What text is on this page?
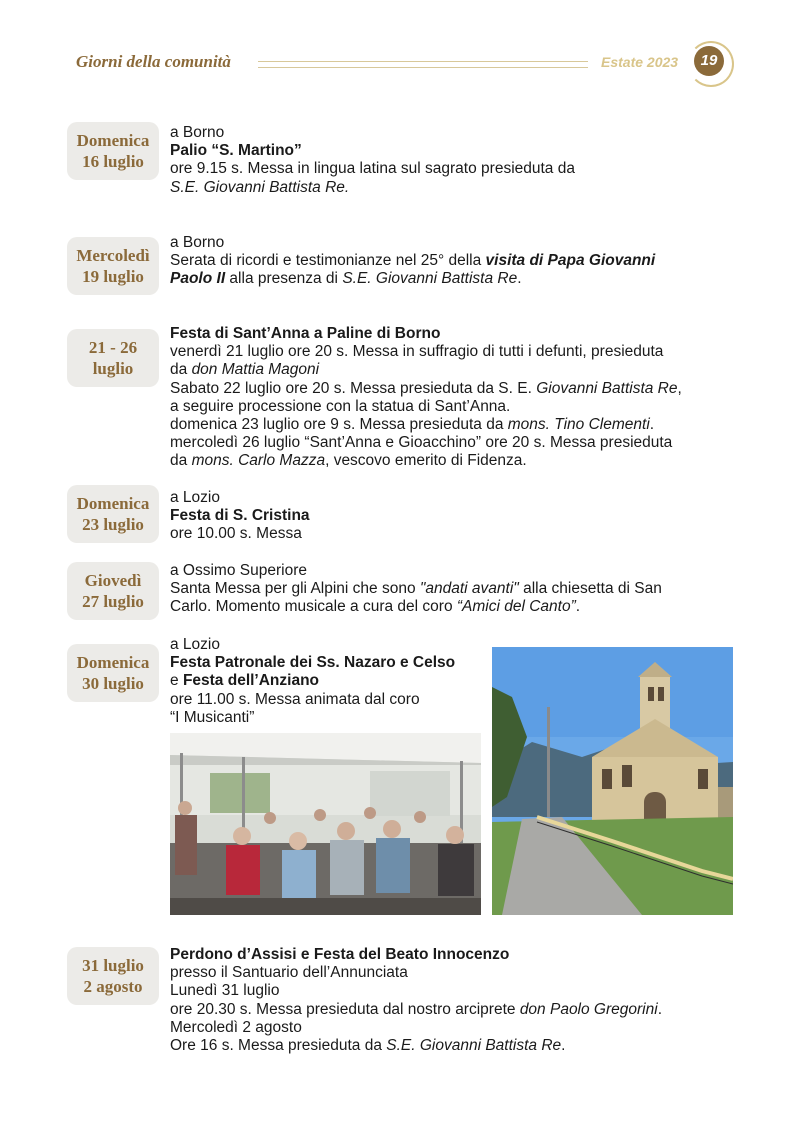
Giorni della comunità	Estate 2023	19
Domenica
16 luglio
a Borno
Palio “S. Martino”
ore 9.15 s. Messa in lingua latina sul sagrato presieduta da
S.E. Giovanni Battista Re.
Mercoledì
19 luglio
a Borno
Serata di ricordi e testimonianze nel 25° della visita di Papa Giovanni
Paolo II alla presenza di S.E. Giovanni Battista Re.
21 - 26
luglio
Festa di Sant’Anna a Paline di Borno
venerdì 21 luglio ore 20 s. Messa in suffragio di tutti i defunti, presieduta
da don Mattia Magoni
Sabato 22 luglio ore 20 s. Messa presieduta da S. E. Giovanni Battista Re,
a seguire processione con la statua di Sant’Anna.
domenica 23 luglio ore 9 s. Messa presieduta da mons. Tino Clementi.
mercoledì 26 luglio “Sant’Anna e Gioacchino” ore 20 s. Messa presieduta
da mons. Carlo Mazza, vescovo emerito di Fidenza.
Domenica
23 luglio
a Lozio
Festa di S. Cristina
ore 10.00 s. Messa
Giovedì
27 luglio
a Ossimo Superiore
Santa Messa per gli Alpini che sono "andati avanti" alla chiesetta di San
Carlo. Momento musicale a cura del coro “Amici del Canto”.
Domenica
30 luglio
a Lozio
Festa Patronale dei Ss. Nazaro e Celso
e Festa dell’Anziano
ore 11.00 s. Messa animata dal coro
“I Musicanti”
31 luglio
2 agosto
Perdono d’Assisi e Festa del Beato Innocenzo
presso il Santuario dell’Annunciata
Lunedì 31 luglio
ore 20.30 s. Messa presieduta dal nostro arciprete don Paolo Gregorini.
Mercoledì 2 agosto
Ore 16 s. Messa presieduta da S.E. Giovanni Battista Re.
